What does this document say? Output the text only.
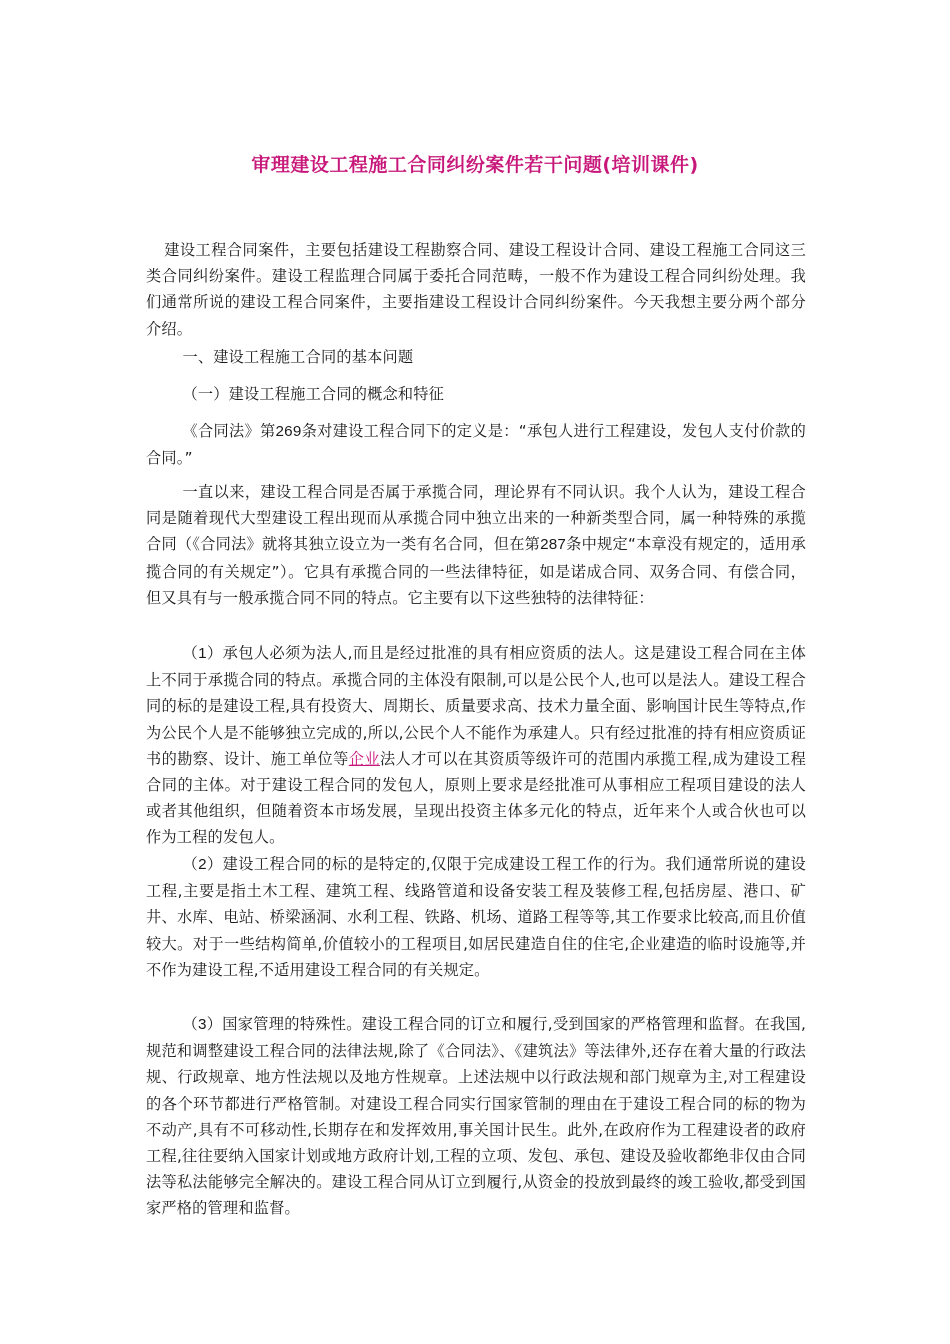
审理建设工程施工合同纠纷案件若干问题(培训课件)

建设工程合同案件，主要包括建设工程勘察合同、建设工程设计合同、建设工程施工合同这三类合同纠纷案件。建设工程监理合同属于委托合同范畴，一般不作为建设工程合同纠纷处理。我们通常所说的建设工程合同案件，主要指建设工程设计合同纠纷案件。今天我想主要分两个部分介绍。

一、建设工程施工合同的基本问题

（一）建设工程施工合同的概念和特征

《合同法》第269条对建设工程合同下的定义是：“承包人进行工程建设，发包人支付价款的合同。”

一直以来，建设工程合同是否属于承揽合同，理论界有不同认识。我个人认为，建设工程合同是随着现代大型建设工程出现而从承揽合同中独立出来的一种新类型合同，属一种特殊的承揽合同（《合同法》就将其独立设立为一类有名合同，但在第287条中规定“本章没有规定的，适用承揽合同的有关规定”）。它具有承揽合同的一些法律特征，如是诺成合同、双务合同、有偿合同，但又具有与一般承揽合同不同的特点。它主要有以下这些独特的法律特征：

（1）承包人必须为法人,而且是经过批准的具有相应资质的法人。这是建设工程合同在主体上不同于承揽合同的特点。承揽合同的主体没有限制,可以是公民个人,也可以是法人。建设工程合同的标的是建设工程,具有投资大、周期长、质量要求高、技术力量全面、影响国计民生等特点,作为公民个人是不能够独立完成的,所以,公民个人不能作为承建人。只有经过批准的持有相应资质证书的勘察、设计、施工单位等企业法人才可以在其资质等级许可的范围内承揽工程,成为建设工程合同的主体。对于建设工程合同的发包人，原则上要求是经批准可从事相应工程项目建设的法人或者其他组织，但随着资本市场发展，呈现出投资主体多元化的特点，近年来个人或合伙也可以作为工程的发包人。

（2）建设工程合同的标的是特定的,仅限于完成建设工程工作的行为。我们通常所说的建设工程,主要是指土木工程、建筑工程、线路管道和设备安装工程及装修工程,包括房屋、港口、矿井、水库、电站、桥梁涵洞、水利工程、铁路、机场、道路工程等等,其工作要求比较高,而且价值较大。对于一些结构简单,价值较小的工程项目,如居民建造自住的住宅,企业建造的临时设施等,并不作为建设工程,不适用建设工程合同的有关规定。

（3）国家管理的特殊性。建设工程合同的订立和履行,受到国家的严格管理和监督。在我国,规范和调整建设工程合同的法律法规,除了《合同法》、《建筑法》等法律外,还存在着大量的行政法规、行政规章、地方性法规以及地方性规章。上述法规中以行政法规和部门规章为主,对工程建设的各个环节都进行严格管制。对建设工程合同实行国家管制的理由在于建设工程合同的标的物为不动产,具有不可移动性,长期存在和发挥效用,事关国计民生。此外,在政府作为工程建设者的政府工程,往往要纳入国家计划或地方政府计划,工程的立项、发包、承包、建设及验收都绝非仅由合同法等私法能够完全解决的。建设工程合同从订立到履行,从资金的投放到最终的竣工验收,都受到国家严格的管理和监督。
